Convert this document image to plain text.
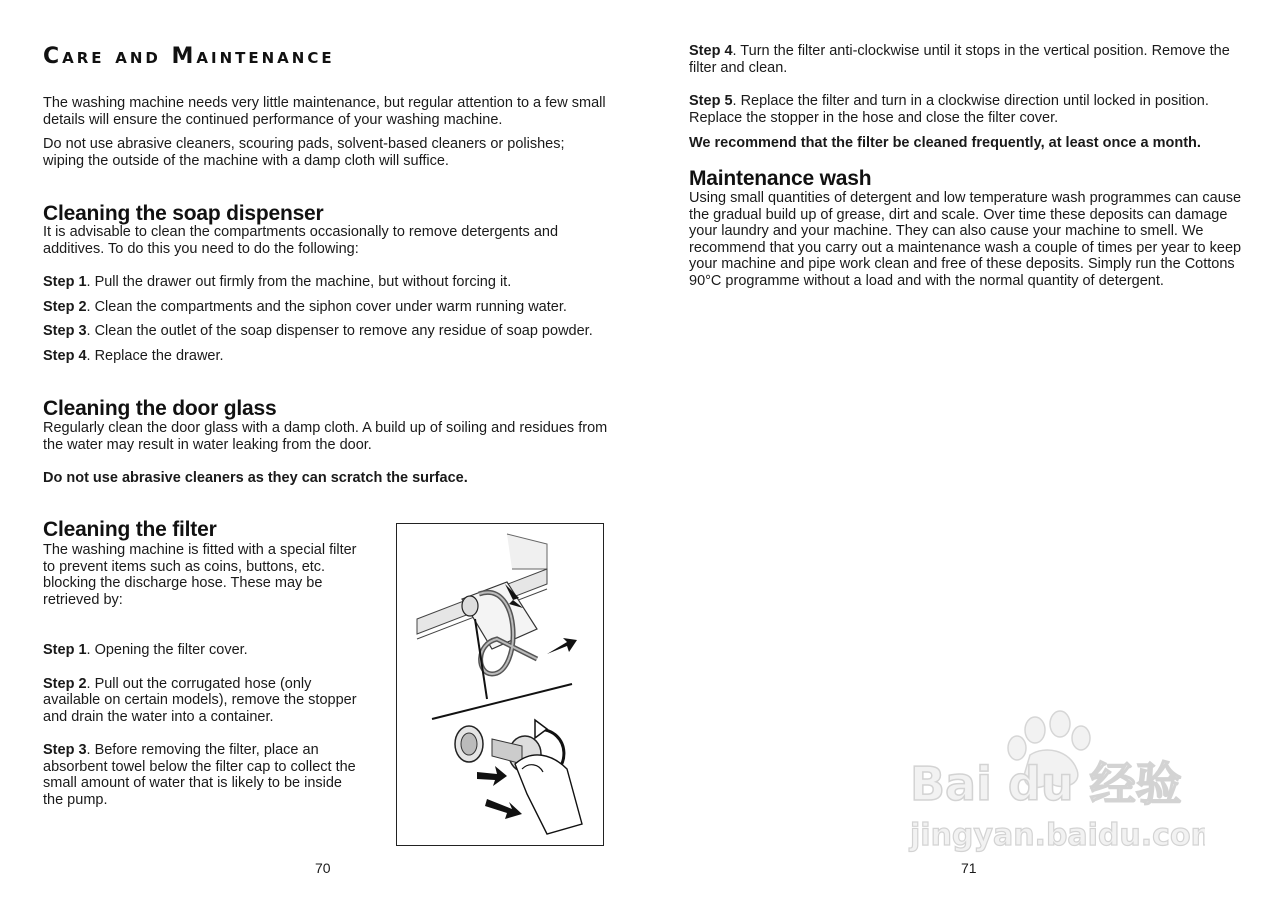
Care and Maintenance

The washing machine needs very little maintenance, but regular attention to a few small details will ensure the continued performance of your washing machine.

Do not use abrasive cleaners, scouring pads, solvent-based cleaners or polishes; wiping the outside of the machine with a damp cloth will suffice.

Cleaning the soap dispenser

It is advisable to clean the compartments occasionally to remove detergents and additives. To do this you need to do the following:

Step 1. Pull the drawer out firmly from the machine, but without forcing it.

Step 2. Clean the compartments and the siphon cover under warm running water.

Step 3. Clean the outlet of the soap dispenser to remove any residue of soap powder.

Step 4. Replace the drawer.

Cleaning the door glass

Regularly clean the door glass with a damp cloth. A build up of soiling and residues from the water may result in water leaking from the door.

Do not use abrasive cleaners as they can scratch the surface.

Cleaning the filter

The washing machine is fitted with a special filter to prevent items such as coins, buttons, etc. blocking the discharge hose. These may be retrieved by:

Step 1. Opening the filter cover.

Step 2. Pull out the corrugated hose (only available on certain models), remove the stopper and drain the water into a container.

Step 3. Before removing the filter, place an absorbent towel below the filter cap to collect the small amount of water that is likely to be inside the pump.

70

Step 4. Turn the filter anti-clockwise until it stops in the vertical position. Remove the filter and clean.

Step 5. Replace the filter and turn in a clockwise direction until locked in position. Replace the stopper in the hose and close the filter cover.

We recommend that the filter be cleaned frequently, at least once a month.

Maintenance wash

Using small quantities of detergent and low temperature wash programmes can cause the gradual build up of grease, dirt and scale. Over time these deposits can damage your laundry and your machine. They can also cause your machine to smell. We recommend that you carry out a maintenance wash a couple of times per year to keep your machine and pipe work clean and free of these deposits. Simply run the Cottons 90°C programme without a load and with the normal quantity of detergent.

71
Bai du 经验
jingyan.baidu.com
